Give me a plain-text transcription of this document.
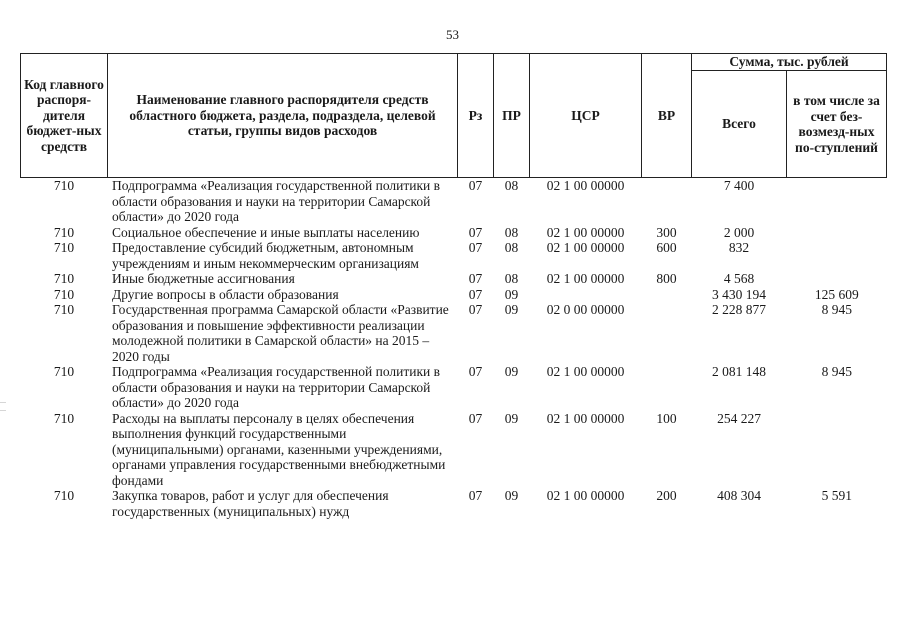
53
Код главного распоря-дителя бюджет-ных средств	Наименование главного распорядителя средств областного бюджета, раздела, подраздела, целевой статьи, группы видов расходов	Рз	ПР	ЦСР	ВР	Сумма, тыс. рублей	
						Всего	в том числе за счет без-возмезд-ных по-ступлений
710	Подпрограмма «Реализация государственной политики в области образования и науки на территории Самарской области» до 2020 года	07	08	02 1 00 00000		7 400	
710	Социальное обеспечение и иные выплаты населению	07	08	02 1 00 00000	300	2 000	
710	Предоставление субсидий бюджетным, автономным учреждениям и иным некоммерческим организациям	07	08	02 1 00 00000	600	832	
710	Иные бюджетные ассигнования	07	08	02 1 00 00000	800	4 568	
710	Другие вопросы в области образования	07	09			3 430 194	125 609
710	Государственная программа Самарской области «Развитие образования и повышение эффективности реализации молодежной политики в Самарской области» на 2015 – 2020 годы	07	09	02 0 00 00000		2 228 877	8 945
710	Подпрограмма «Реализация государственной политики в области образования и науки на территории Самарской области» до 2020 года	07	09	02 1 00 00000		2 081 148	8 945
710	Расходы на выплаты персоналу в целях обеспечения выполнения функций государственными (муниципальными) органами, казенными учреждениями, органами управления государственными внебюджетными фондами	07	09	02 1 00 00000	100	254 227	
710	Закупка товаров, работ и услуг для обеспечения государственных (муниципальных) нужд	07	09	02 1 00 00000	200	408 304	5 591
